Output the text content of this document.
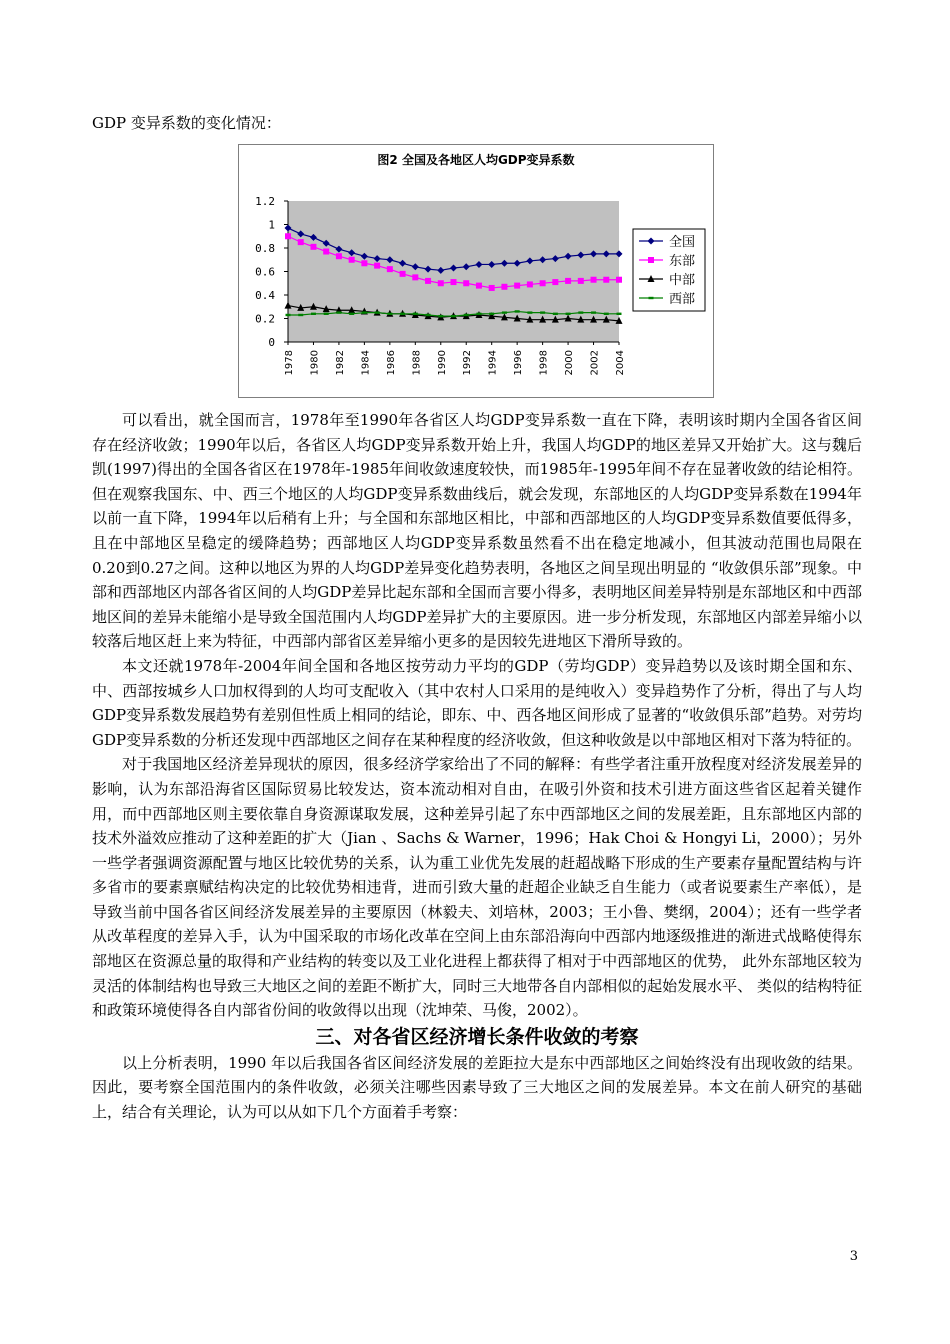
GDP 变异系数的变化情况：
图2 全国及各地区人均GDP变异系数
0
0.2
0.4
0.6
0.8
1
1.2
1978 1980 1982 1984 1986 1988 1990 1992 1994 1996 1998 2000 2002 2004
全国
东部
中部
西部

可以看出，就全国而言，1978年至1990年各省区人均GDP变异系数一直在下降，表明该时期内全国各省区间存在经济收敛；1990年以后，各省区人均GDP变异系数开始上升，我国人均GDP的地区差异又开始扩大。这与魏后凯(1997)得出的全国各省区在1978年-1985年间收敛速度较快，而1985年-1995年间不存在显著收敛的结论相符。但在观察我国东、中、西三个地区的人均GDP变异系数曲线后，就会发现，东部地区的人均GDP变异系数在1994年以前一直下降，1994年以后稍有上升；与全国和东部地区相比，中部和西部地区的人均GDP变异系数值要低得多，且在中部地区呈稳定的缓降趋势；西部地区人均GDP变异系数虽然看不出在稳定地减小，但其波动范围也局限在0.20到0.27之间。这种以地区为界的人均GDP差异变化趋势表明，各地区之间呈现出明显的 “收敛俱乐部”现象。中部和西部地区内部各省区间的人均GDP差异比起东部和全国而言要小得多，表明地区间差异特别是东部地区和中西部地区间的差异未能缩小是导致全国范围内人均GDP差异扩大的主要原因。进一步分析发现，东部地区内部差异缩小以较落后地区赶上来为特征，中西部内部省区差异缩小更多的是因较先进地区下滑所导致的。

本文还就1978年-2004年间全国和各地区按劳动力平均的GDP（劳均GDP）变异趋势以及该时期全国和东、中、西部按城乡人口加权得到的人均可支配收入（其中农村人口采用的是纯收入）变异趋势作了分析，得出了与人均GDP变异系数发展趋势有差别但性质上相同的结论，即东、中、西各地区间形成了显著的“收敛俱乐部”趋势。对劳均GDP变异系数的分析还发现中西部地区之间存在某种程度的经济收敛，但这种收敛是以中部地区相对下落为特征的。

对于我国地区经济差异现状的原因，很多经济学家给出了不同的解释：有些学者注重开放程度对经济发展差异的影响，认为东部沿海省区国际贸易比较发达，资本流动相对自由，在吸引外资和技术引进方面这些省区起着关键作用，而中西部地区则主要依靠自身资源谋取发展，这种差异引起了东中西部地区之间的发展差距，且东部地区内部的技术外溢效应推动了这种差距的扩大（Jian 、Sachs & Warner，1996；Hak Choi & Hongyi Li，2000）；另外一些学者强调资源配置与地区比较优势的关系，认为重工业优先发展的赶超战略下形成的生产要素存量配置结构与许多省市的要素禀赋结构决定的比较优势相违背，进而引致大量的赶超企业缺乏自生能力（或者说要素生产率低），是导致当前中国各省区间经济发展差异的主要原因（林毅夫、刘培林，2003；王小鲁、樊纲，2004）；还有一些学者从改革程度的差异入手，认为中国采取的市场化改革在空间上由东部沿海向中西部内地逐级推进的渐进式战略使得东部地区在资源总量的取得和产业结构的转变以及工业化进程上都获得了相对于中西部地区的优势， 此外东部地区较为灵活的体制结构也导致三大地区之间的差距不断扩大，同时三大地带各自内部相似的起始发展水平、 类似的结构特征和政策环境使得各自内部省份间的收敛得以出现（沈坤荣、马俊，2002）。

三、对各省区经济增长条件收敛的考察

以上分析表明，1990 年以后我国各省区间经济发展的差距拉大是东中西部地区之间始终没有出现收敛的结果。因此，要考察全国范围内的条件收敛，必须关注哪些因素导致了三大地区之间的发展差异。本文在前人研究的基础上，结合有关理论，认为可以从如下几个方面着手考察：

3
